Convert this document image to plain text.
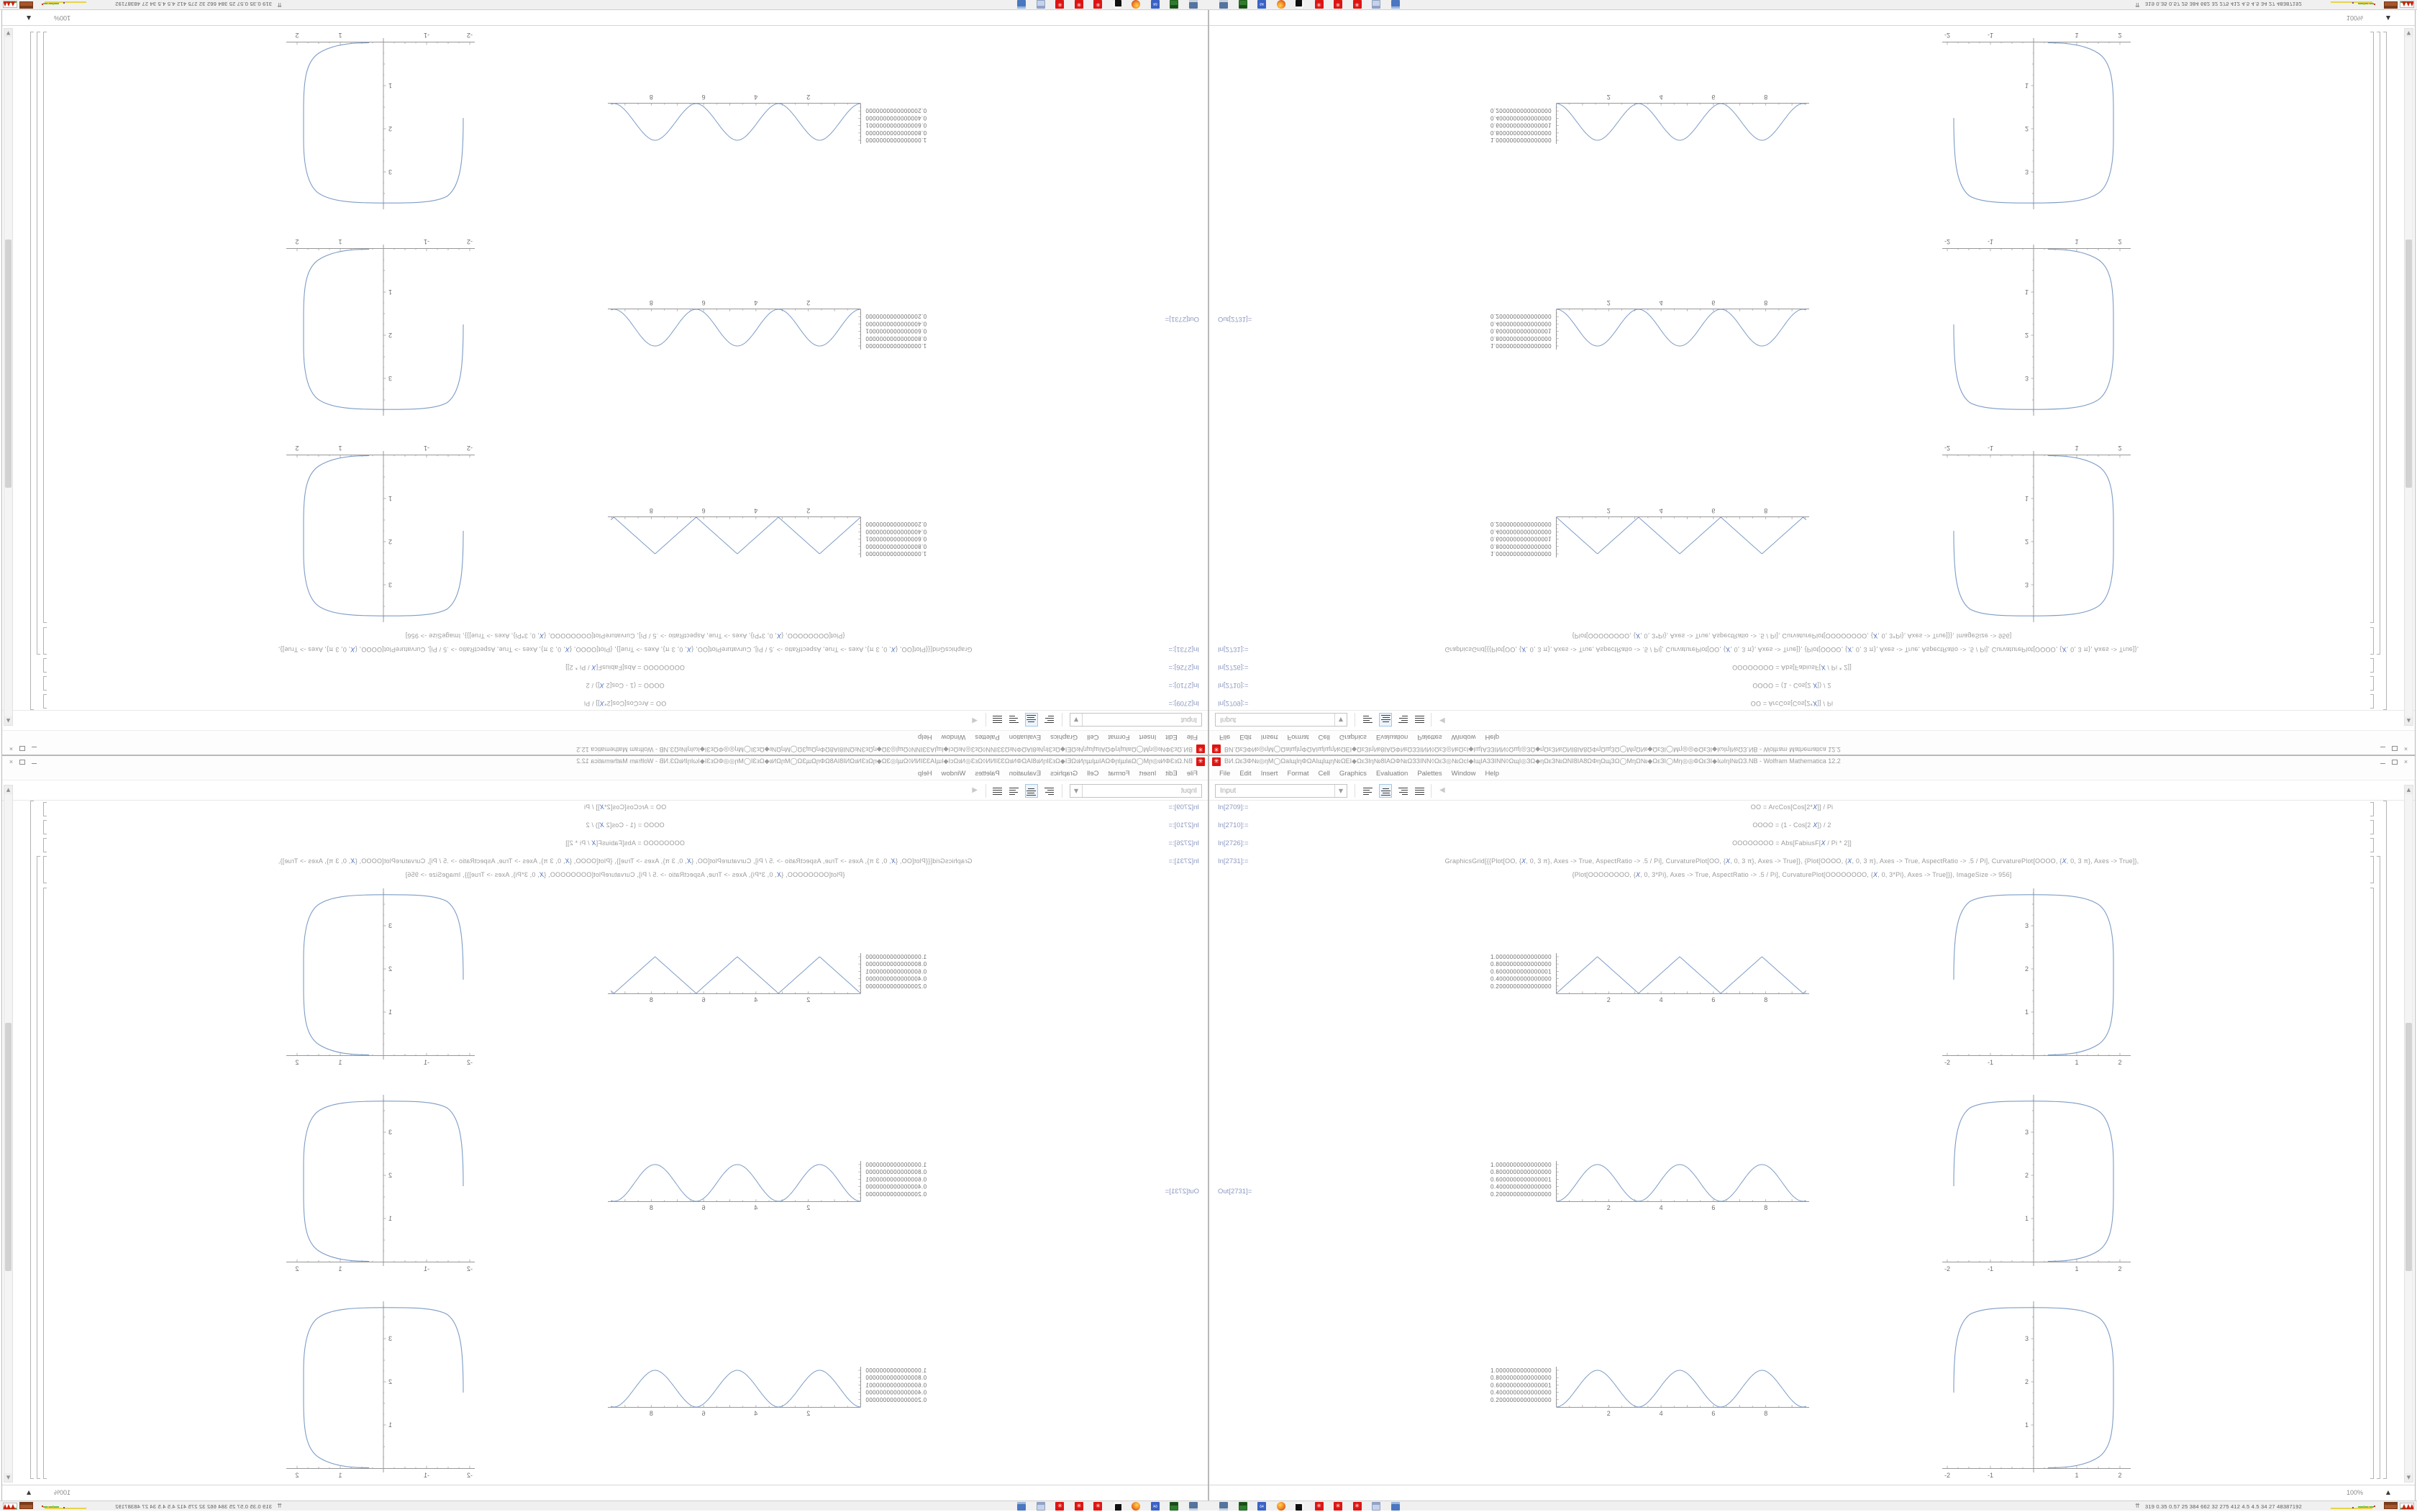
✳ ВИ.ΩεЗΦ№◎ηΜ◯ΩаΙщΙηΦΩΑΙщΙщη№ΩЕΙ◆ΩεЗΙη№8ΙΑΩΦ№ΩЗЗΙΝΝ◊ΩεЗ◎№ΩсΙ◆ΙщΙΑЗЗΙΝΝ◊ΩщΙ◎ЗΩ◆ηΩεЗ№ΩΝΙ8ΙΑ8ΩΦηΩщЗΩ◯ΜηΩ№◆ΩεЗΙ◯Μη◎◎ΦΩεЗΙ◆ΙωΙηΙ№ΩЗ.NB - Wolfram Mathematica 12.2	×
File Edit Insert Format Cell Graphics Evaluation Palettes Window Help
Input	▼	◀
In[2709]:=	OO = ArcCos[Cos[2*X]] / Pi
In[2710]:=	OOOO = (1 - Cos[2 X]) / 2
In[2726]:=	OOOOOOOO = Abs[FabiusF[X / Pi * 2]]
In[2731]:=	GraphicsGrid[{{Plot[OO, {X, 0, 3 π}, Axes -> True, AspectRatio -> .5 / Pi], CurvaturePlot[OO, {X, 0, 3 π}, Axes -> True]}, {Plot[OOOO, {X, 0, 3 π}, Axes -> True, AspectRatio -> .5 / Pi], CurvaturePlot[OOOO, {X, 0, 3 π}, Axes -> True]},
{Plot[OOOOOOOO, {X, 0, 3*Pi}, Axes -> True, AspectRatio -> .5 / Pi], CurvaturePlot[OOOOOOOO, {X, 0, 3*Pi}, Axes -> True]}}, ImageSize -> 956]
Out[2731]=
1.0000000000000000
0.8000000000000000
0.6000000000000001
0.4000000000000000
0.2000000000000000
2	4	6	8
-2	-1	1	2
1
2
3
1.0000000000000000
0.8000000000000000
0.6000000000000001
0.4000000000000000
0.2000000000000000
2	4	6	8
-2	-1	1	2
1
2
3
1.0000000000000000
0.8000000000000000
0.6000000000000001
0.4000000000000000
0.2000000000000000
2	4	6	8
-2	-1	1	2
1
2
3
▲
▼
100%	▲
⇈ 319 0.35 0.57 25 384 662 32 275 412 4.5 4.5 34 27 48387192
64	✳	✳	✳
✳
ВИ.ΩεЗΦ№◎ηΜ◯ΩаΙщΙηΦΩΑΙщΙщη№ΩЕΙ◆ΩεЗΙη№8ΙΑΩΦ№ΩЗЗΙΝΝ◊ΩεЗ◎№ΩсΙ◆ΙщΙΑЗЗΙΝΝ◊ΩщΙ◎ЗΩ◆ηΩεЗ№ΩΝΙ8ΙΑ8ΩΦηΩщЗΩ◯ΜηΩ№◆ΩεЗΙ◯Μη◎◎ΦΩεЗΙ◆ΙωΙηΙ№ΩЗ.NB - Wolfram Mathematica 12.2
×
File
Edit
Insert
Format
Cell
Graphics
Evaluation
Palettes
Window
Help
Input
▼
◀
In[2709]:=
OO = ArcCos[Cos[2*X]] / Pi
In[2710]:=
OOOO = (1 - Cos[2 X]) / 2
In[2726]:=
OOOOOOOO = Abs[FabiusF[X / Pi * 2]]
In[2731]:=
GraphicsGrid[{{Plot[OO, {X, 0, 3 π}, Axes -> True, AspectRatio -> .5 / Pi], CurvaturePlot[OO, {X, 0, 3 π}, Axes -> True]}, {Plot[OOOO, {X, 0, 3 π}, Axes -> True, AspectRatio -> .5 / Pi], CurvaturePlot[OOOO, {X, 0, 3 π}, Axes -> True]},
{Plot[OOOOOOOO, {X, 0, 3*Pi}, Axes -> True, AspectRatio -> .5 / Pi], CurvaturePlot[OOOOOOOO, {X, 0, 3*Pi}, Axes -> True]}}, ImageSize -> 956]
Out[2731]=
1.0000000000000000
0.8000000000000000
0.6000000000000001
0.4000000000000000
0.2000000000000000
2
4
6
8
-2
-1
1
2
1
2
3
1.0000000000000000
0.8000000000000000
0.6000000000000001
0.4000000000000000
0.2000000000000000
2
4
6
8
-2
-1
1
2
1
2
3
1.0000000000000000
0.8000000000000000
0.6000000000000001
0.4000000000000000
0.2000000000000000
2
4
6
8
-2
-1
1
2
1
2
3
▲
▼
100%
▲
⇈
319 0.35 0.57 25 384 662 32 275 412 4.5 4.5 34 27 48387192	64
✳
✳
✳
✳ ВИ.ΩεЗΦ№◎ηΜ◯ΩаΙщΙηΦΩΑΙщΙщη№ΩЕΙ◆ΩεЗΙη№8ΙΑΩΦ№ΩЗЗΙΝΝ◊ΩεЗ◎№ΩсΙ◆ΙщΙΑЗЗΙΝΝ◊ΩщΙ◎ЗΩ◆ηΩεЗ№ΩΝΙ8ΙΑ8ΩΦηΩщЗΩ◯ΜηΩ№◆ΩεЗΙ◯Μη◎◎ΦΩεЗΙ◆ΙωΙηΙ№ΩЗ.NB - Wolfram Mathematica 12.2	×
File Edit Insert Format Cell Graphics Evaluation Palettes Window Help
Input	▼	◀
In[2709]:=	OO = ArcCos[Cos[2*X]] / Pi
In[2710]:=	OOOO = (1 - Cos[2 X]) / 2
In[2726]:=	OOOOOOOO = Abs[FabiusF[X / Pi * 2]]
In[2731]:=	GraphicsGrid[{{Plot[OO, {X, 0, 3 π}, Axes -> True, AspectRatio -> .5 / Pi], CurvaturePlot[OO, {X, 0, 3 π}, Axes -> True]}, {Plot[OOOO, {X, 0, 3 π}, Axes -> True, AspectRatio -> .5 / Pi], CurvaturePlot[OOOO, {X, 0, 3 π}, Axes -> True]},
{Plot[OOOOOOOO, {X, 0, 3*Pi}, Axes -> True, AspectRatio -> .5 / Pi], CurvaturePlot[OOOOOOOO, {X, 0, 3*Pi}, Axes -> True]}}, ImageSize -> 956]
Out[2731]=
1.0000000000000000
0.8000000000000000
0.6000000000000001
0.4000000000000000
0.2000000000000000
2	4	6	8
-2	-1	1	2
1
2
3
1.0000000000000000
0.8000000000000000
0.6000000000000001
0.4000000000000000
0.2000000000000000
2	4	6	8
-2	-1	1	2
1
2
3
1.0000000000000000
0.8000000000000000
0.6000000000000001
0.4000000000000000
0.2000000000000000
2	4	6	8
-2	-1	1	2
1
2
3
▲
▼
100%	▲
⇈ 319 0.35 0.57 25 384 662 32 275 412 4.5 4.5 34 27 48387192
64	✳	✳	✳
✳
ВИ.ΩεЗΦ№◎ηΜ◯ΩаΙщΙηΦΩΑΙщΙщη№ΩЕΙ◆ΩεЗΙη№8ΙΑΩΦ№ΩЗЗΙΝΝ◊ΩεЗ◎№ΩсΙ◆ΙщΙΑЗЗΙΝΝ◊ΩщΙ◎ЗΩ◆ηΩεЗ№ΩΝΙ8ΙΑ8ΩΦηΩщЗΩ◯ΜηΩ№◆ΩεЗΙ◯Μη◎◎ΦΩεЗΙ◆ΙωΙηΙ№ΩЗ.NB - Wolfram Mathematica 12.2
×
File
Edit
Insert
Format
Cell
Graphics
Evaluation
Palettes
Window
Help
Input
▼
◀
In[2709]:=
OO = ArcCos[Cos[2*X]] / Pi
In[2710]:=
OOOO = (1 - Cos[2 X]) / 2
In[2726]:=
OOOOOOOO = Abs[FabiusF[X / Pi * 2]]
In[2731]:=
GraphicsGrid[{{Plot[OO, {X, 0, 3 π}, Axes -> True, AspectRatio -> .5 / Pi], CurvaturePlot[OO, {X, 0, 3 π}, Axes -> True]}, {Plot[OOOO, {X, 0, 3 π}, Axes -> True, AspectRatio -> .5 / Pi], CurvaturePlot[OOOO, {X, 0, 3 π}, Axes -> True]},
{Plot[OOOOOOOO, {X, 0, 3*Pi}, Axes -> True, AspectRatio -> .5 / Pi], CurvaturePlot[OOOOOOOO, {X, 0, 3*Pi}, Axes -> True]}}, ImageSize -> 956]
Out[2731]=
1.0000000000000000
0.8000000000000000
0.6000000000000001
0.4000000000000000
0.2000000000000000
2
4
6
8
-2
-1
1
2
1
2
3
1.0000000000000000
0.8000000000000000
0.6000000000000001
0.4000000000000000
0.2000000000000000
2
4
6
8
-2
-1
1
2
1
2
3
1.0000000000000000
0.8000000000000000
0.6000000000000001
0.4000000000000000
0.2000000000000000
2
4
6
8
-2
-1
1
2
1
2
3
▲
▼
100%
▲
⇈
319 0.35 0.57 25 384 662 32 275 412 4.5 4.5 34 27 48387192	64
✳
✳
✳
